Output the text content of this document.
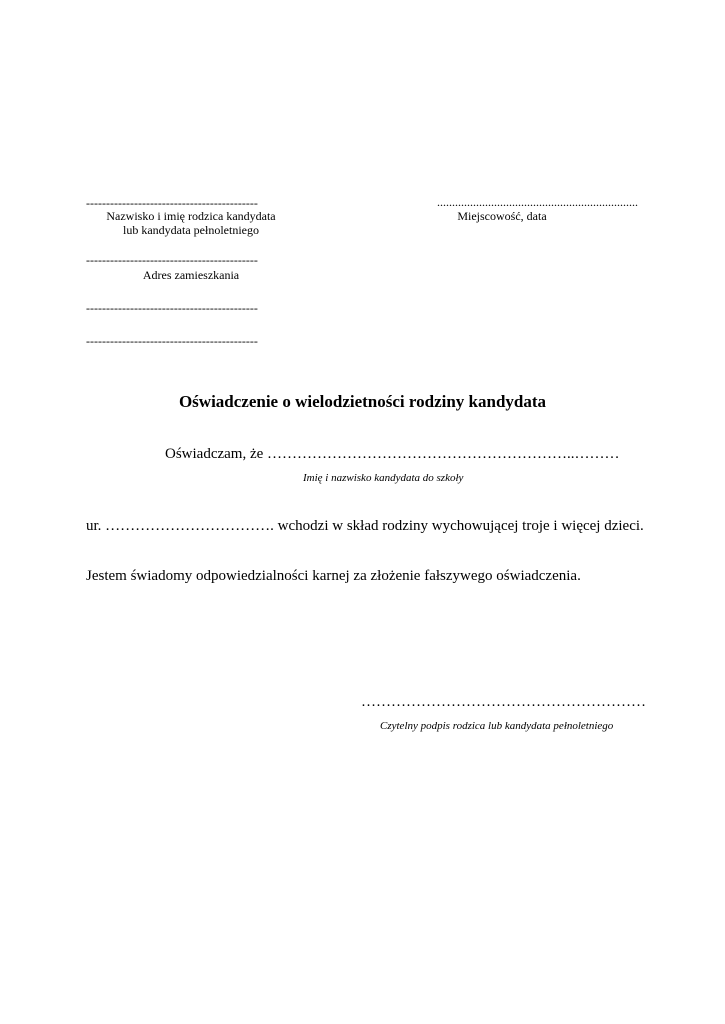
-------------------------------------------
Nazwisko i imię rodzica kandydata
lub kandydata pełnoletniego
-------------------------------------------
Adres zamieszkania
-------------------------------------------
-------------------------------------------
...................................................................
Miejscowość, data
Oświadczenie o wielodzietności rodziny kandydata
Oświadczam, że ……………………………………………………..………
Imię i nazwisko kandydata do szkoły
ur. ……………………………. wchodzi w skład rodziny wychowującej troje i więcej dzieci.
Jestem świadomy odpowiedzialności karnej za złożenie fałszywego oświadczenia.
…………………………………………………
Czytelny podpis rodzica lub kandydata pełnoletniego
